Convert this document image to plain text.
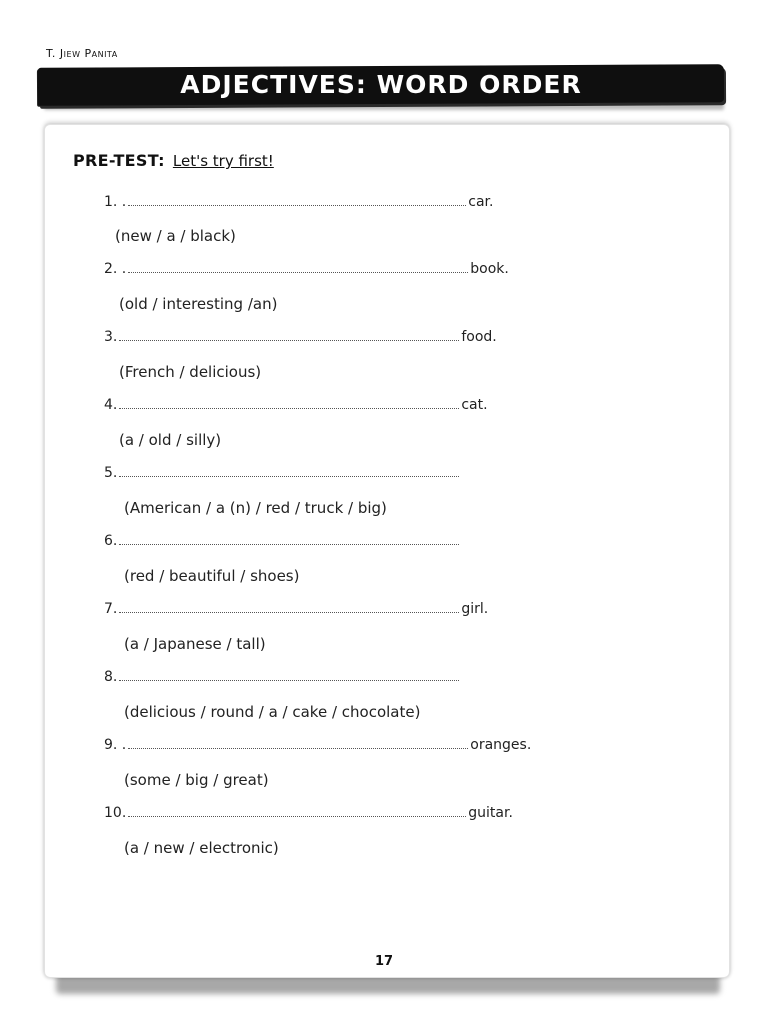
T. Jiew Panita
ADJECTIVES: WORD ORDER
PRE-TEST: Let's try first!
1. .	car.
(new / a / black)
2. .	book.
(old / interesting /an)
3.	food.
(French / delicious)
4.	cat.
(a / old / silly)
5.
(American / a (n) / red / truck / big)
6.
(red / beautiful / shoes)
7.	girl.
(a / Japanese / tall)
8.
(delicious / round / a / cake / chocolate)
9. .	oranges.
(some / big / great)
10.	guitar.
(a / new / electronic)
17
